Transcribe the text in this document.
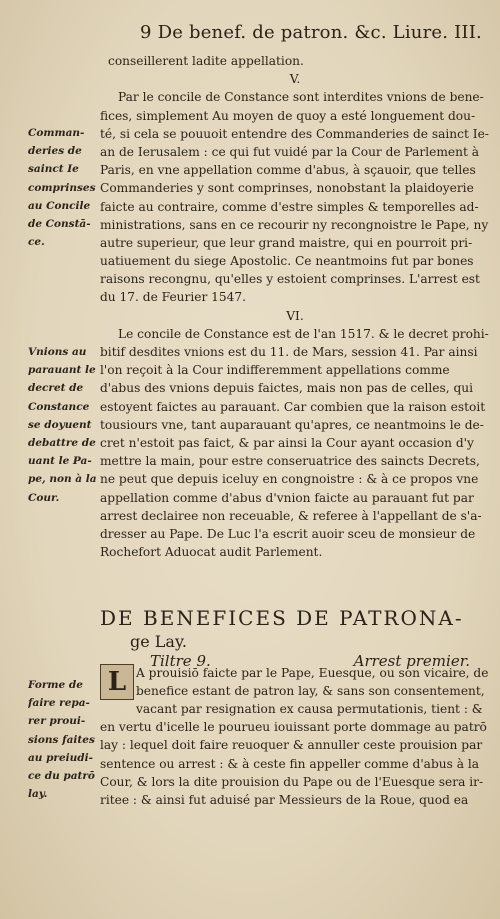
9 De benef. de patron. &c. Liure. III.
conseillerent ladite appellation.
V.
Par le concile de Constance sont interdites vnions de bene-
fices, simplement Au moyen de quoy a esté longuement dou-
té, si cela se pouuoit entendre des Commanderies de sainct Ie-
an de Ierusalem : ce qui fut vuidé par la Cour de Parlement à
Paris, en vne appellation comme d'abus, à sçauoir, que telles
Commanderies y sont comprinses, nonobstant la plaidoyerie
faicte au contraire, comme d'estre simples & temporelles ad-
ministrations, sans en ce recourir ny recongnoistre le Pape, ny
autre superieur, que leur grand maistre, qui en pourroit pri-
uatiuement du siege Apostolic. Ce neantmoins fut par bones
raisons recongnu, qu'elles y estoient comprinses. L'arrest est
du 17. de Feurier 1547.
VI.
Le concile de Constance est de l'an 1517. & le decret prohi-
bitif desdites vnions est du 11. de Mars, session 41. Par ainsi
l'on reçoit à la Cour indifferemment appellations comme
d'abus des vnions depuis faictes, mais non pas de celles, qui
estoyent faictes au parauant. Car combien que la raison estoit
tousiours vne, tant auparauant qu'apres, ce neantmoins le de-
cret n'estoit pas faict, & par ainsi la Cour ayant occasion d'y
mettre la main, pour estre conseruatrice des saincts Decrets,
ne peut que depuis iceluy en congnoistre : & à ce propos vne
appellation comme d'abus d'vnion faicte au parauant fut par
arrest declairee non receuable, & referee à l'appellant de s'a-
dresser au Pape. De Luc l'a escrit auoir sceu de monsieur de
Rochefort Aduocat audit Parlement.
Comman-
deries de
sainct Ie
comprinses
au Concile
de Constā-
ce.
Vnions au
parauant le
decret de
Constance
se doyuent
debattre de
uant le Pa-
pe, non à la
Cour.
DE BENEFICES DE PATRONA-
ge Lay.
Tiltre 9.	Arrest premier.
L A prouisiō faicte par le Pape, Euesque, ou son vicaire, de
benefice estant de patron lay, & sans son consentement,
vacant par resignation ex causa permutationis, tient : &
en vertu d'icelle le pourueu iouissant porte dommage au patrō
lay : lequel doit faire reuoquer & annuller ceste prouision par
sentence ou arrest : & à ceste fin appeller comme d'abus à la
Cour, & lors la dite prouision du Pape ou de l'Euesque sera ir-
ritee : & ainsi fut aduisé par Messieurs de la Roue, quod ea
Forme de
faire repa-
rer proui-
sions faites
au preiudi-
ce du patrō
lay.
